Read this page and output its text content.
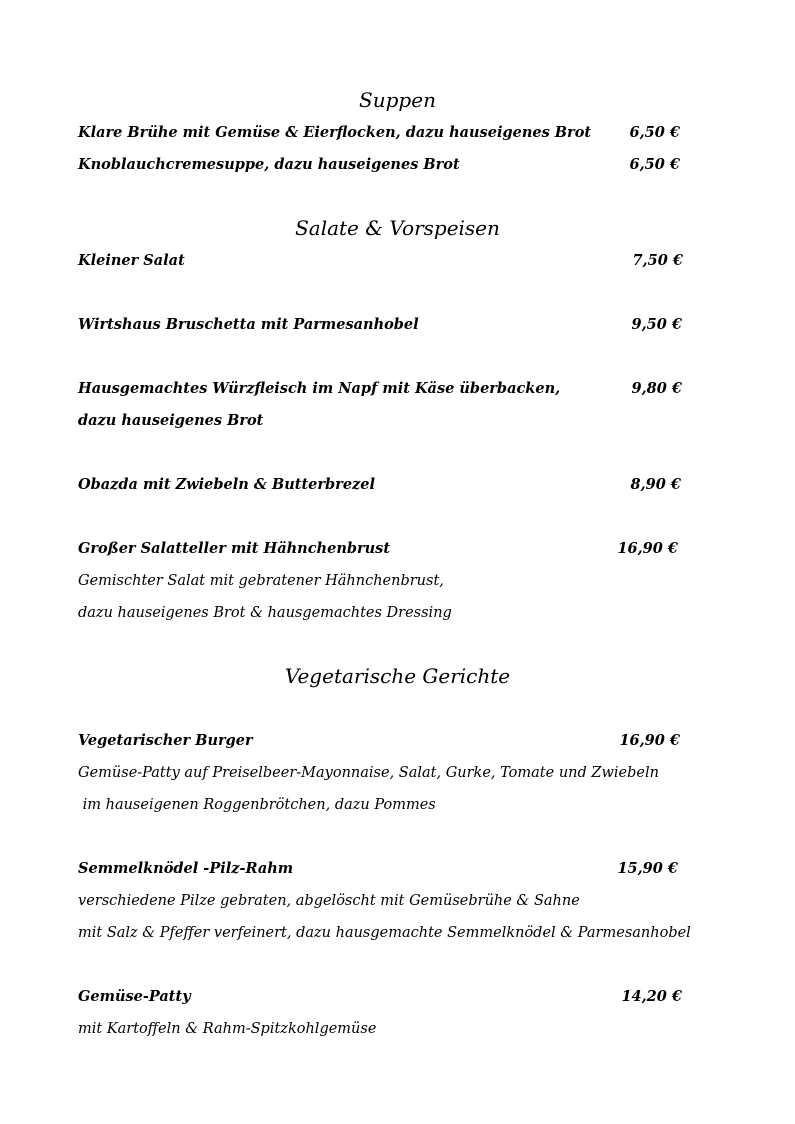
Suppen
Klare Brühe mit Gemüse & Eierflocken, dazu hauseigenes Brot	6,50 €
Knoblauchcremesuppe, dazu hauseigenes Brot	6,50 €
Salate & Vorspeisen
Kleiner Salat	7,50 €
Wirtshaus Bruschetta mit Parmesanhobel	9,50 €
Hausgemachtes Würzfleisch im Napf mit Käse überbacken,	9,80 €
dazu hauseigenes Brot
Obazda mit Zwiebeln & Butterbrezel	8,90 €
Großer Salatteller mit Hähnchenbrust	16,90 €
Gemischter Salat mit gebratener Hähnchenbrust,
dazu hauseigenes Brot & hausgemachtes Dressing
Vegetarische Gerichte
Vegetarischer Burger	16,90 €
Gemüse-Patty auf Preiselbeer-Mayonnaise, Salat, Gurke, Tomate und Zwiebeln
im hauseigenen Roggenbrötchen, dazu Pommes
Semmelknödel -Pilz-Rahm	15,90 €
verschiedene Pilze gebraten, abgelöscht mit Gemüsebrühe & Sahne
mit Salz & Pfeffer verfeinert, dazu hausgemachte Semmelknödel & Parmesanhobel
Gemüse-Patty	14,20 €
mit Kartoffeln & Rahm-Spitzkohlgemüse
